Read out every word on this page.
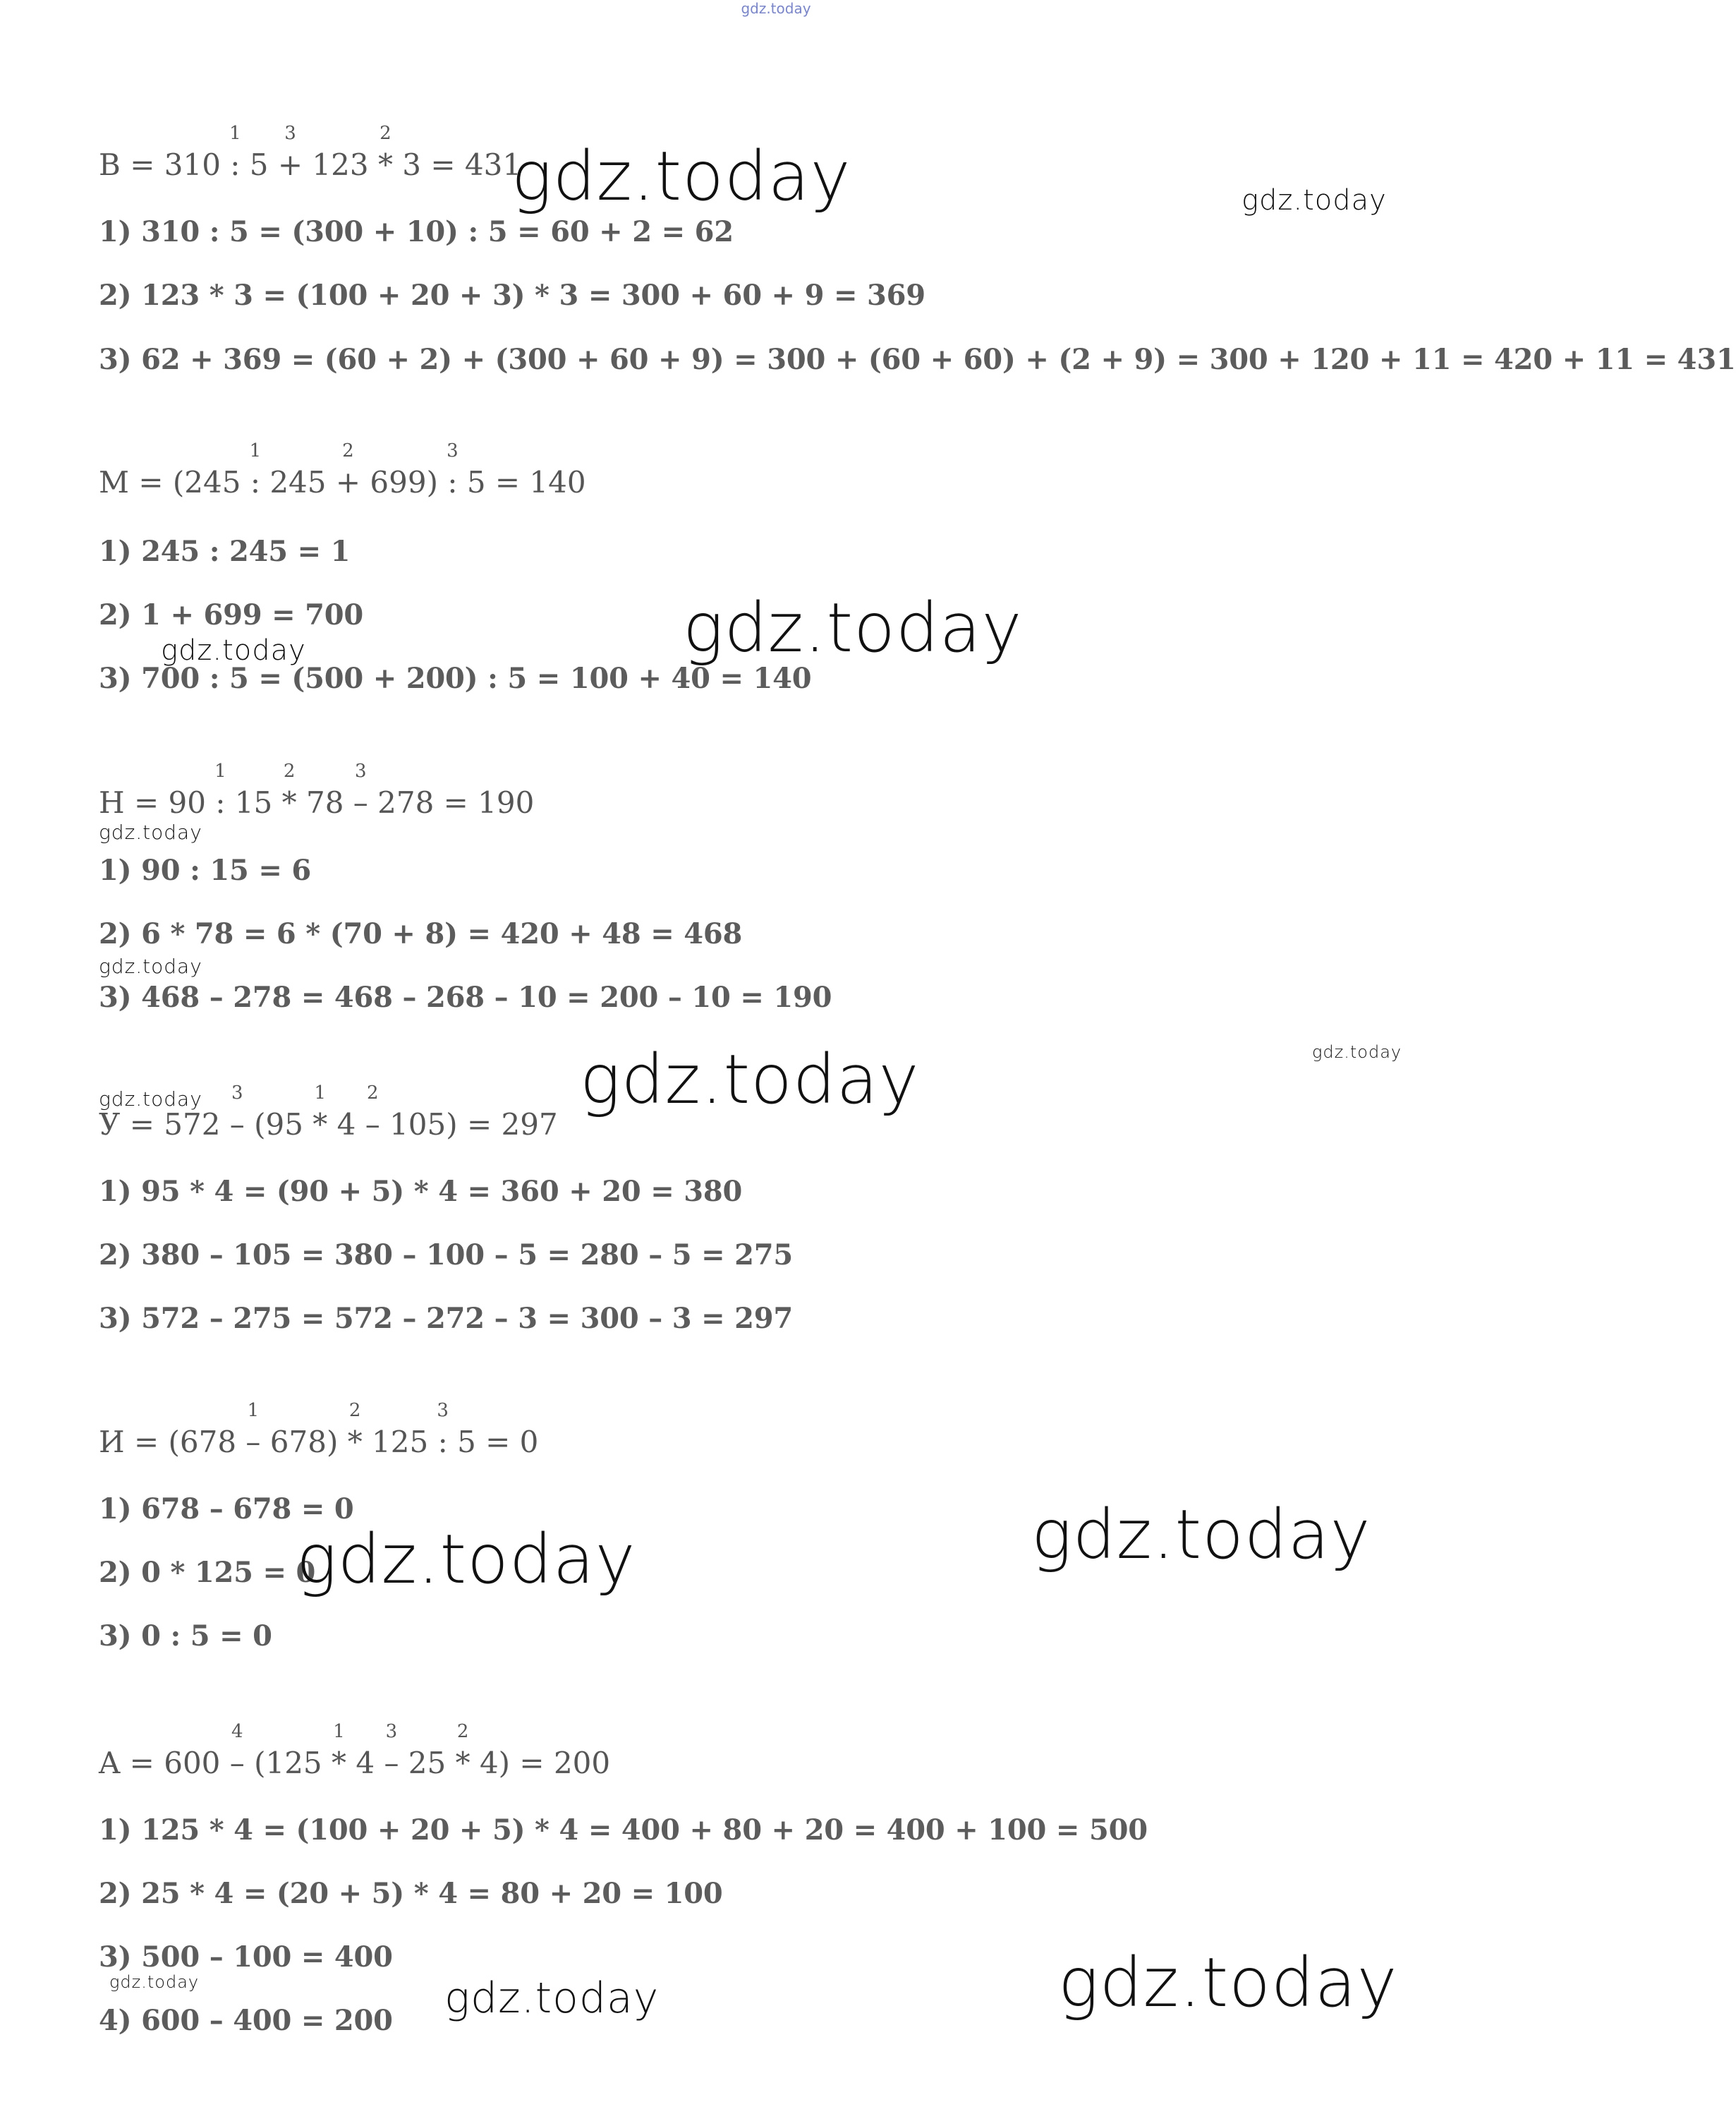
gdz.today
B = 310
1
: 5
3
+ 123
2
* 3 = 431
1) 310 : 5 = (300 + 10) : 5 = 60 + 2 = 62
2) 123 * 3 = (100 + 20 + 3) * 3 = 300 + 60 + 9 = 369
3) 62 + 369 = (60 + 2) + (300 + 60 + 9) = 300 + (60 + 60) + (2 + 9) = 300 + 120 + 11 = 420 + 11 = 431
M = (245
1
: 245
2
+ 699)
3
: 5 = 140
1) 245 : 245 = 1
2) 1 + 699 = 700
3) 700 : 5 = (500 + 200) : 5 = 100 + 40 = 140
H = 90
1
: 15
2
* 78
3
– 278 = 190
1) 90 : 15 = 6
2) 6 * 78 = 6 * (70 + 8) = 420 + 48 = 468
3) 468 – 278 = 468 – 268 – 10 = 200 – 10 = 190
У = 572
3
– (95
1
* 4
2
– 105) = 297
1) 95 * 4 = (90 + 5) * 4 = 360 + 20 = 380
2) 380 – 105 = 380 – 100 – 5 = 280 – 5 = 275
3) 572 – 275 = 572 – 272 – 3 = 300 – 3 = 297
И = (678
1
– 678)
2
* 125
3
: 5 = 0
1) 678 – 678 = 0
2) 0 * 125 = 0
3) 0 : 5 = 0
A = 600
4
– (125
1
* 4
3
– 25
2
* 4) = 200
1) 125 * 4 = (100 + 20 + 5) * 4 = 400 + 80 + 20 = 400 + 100 = 500
2) 25 * 4 = (20 + 5) * 4 = 80 + 20 = 100
3) 500 – 100 = 400
4) 600 – 400 = 200
gdz.today	gdz.today
gdz.today
gdz.today
gdz.today
gdz.today
gdz.today	gdz.today
gdz.today
gdz.today
gdz.today
gdz.today	gdz.today	gdz.today
